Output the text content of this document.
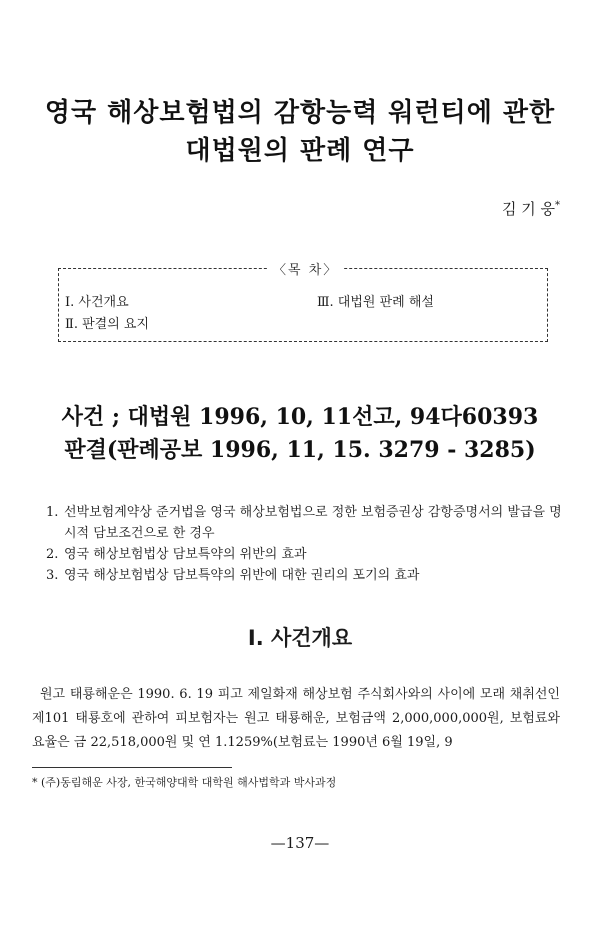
영국 해상보험법의 감항능력 워런티에 관한
대법원의 판례 연구
김 기 웅*
〈목 차〉
Ⅰ. 사건개요
Ⅱ. 판결의 요지
Ⅲ. 대법원 판례 해설
사건 ; 대법원 1996, 10, 11선고, 94다60393
판결(판례공보 1996, 11, 15. 3279 - 3285)
1. 선박보험계약상 준거법을 영국 해상보험법으로 정한 보험증권상 감항증명서의 발급을 명시적 담보조건으로 한 경우
2. 영국 해상보험법상 담보특약의 위반의 효과
3. 영국 해상보험법상 담보특약의 위반에 대한 권리의 포기의 효과
Ⅰ. 사건개요
원고 태룡해운은 1990. 6. 19 피고 제일화재 해상보험 주식회사와의 사이에 모래 채취선인 제101 태룡호에 관하여 피보험자는 원고 태룡해운, 보험금액 2,000,000,000원, 보험료와 요율은 금 22,518,000원 및 연 1.1259%(보험료는 1990년 6월 19일, 9
* (주)동림해운 사장, 한국해양대학 대학원 해사법학과 박사과정
—137—
